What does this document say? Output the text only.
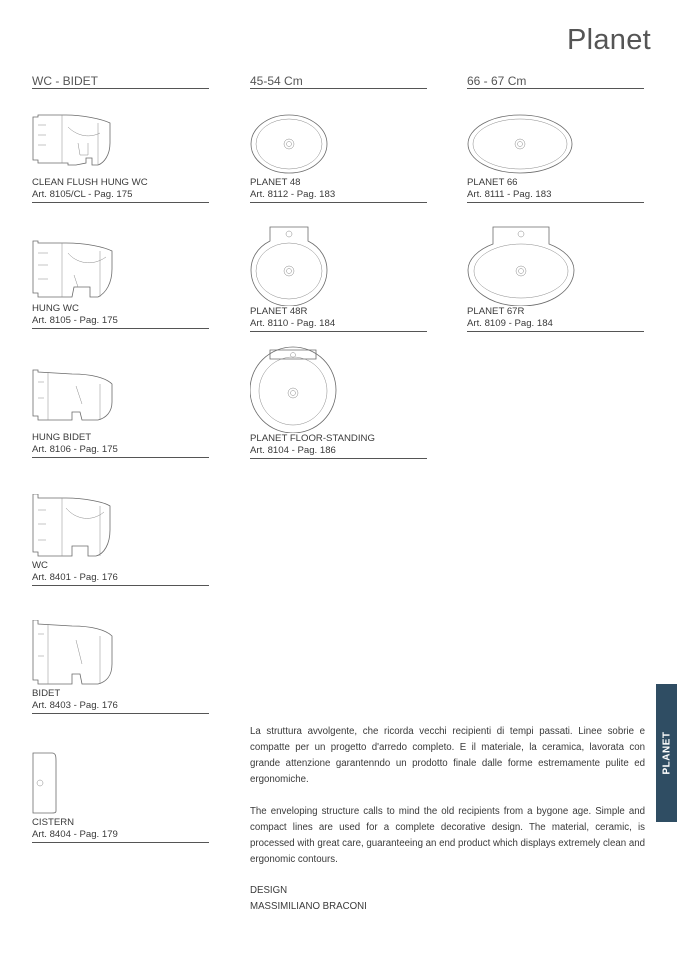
Planet
WC - BIDET	45-54 Cm	66 - 67 Cm
CLEAN FLUSH HUNG WC
Art. 8105/CL - Pag. 175
HUNG WC
Art. 8105 - Pag. 175
HUNG BIDET
Art. 8106 - Pag. 175
WC
Art. 8401 - Pag. 176
BIDET
Art. 8403 - Pag. 176
CISTERN
Art. 8404 - Pag. 179
PLANET 48
Art. 8112 - Pag. 183
PLANET 48R
Art. 8110 - Pag. 184
PLANET FLOOR-STANDING
Art. 8104 - Pag. 186
PLANET 66
Art. 8111 - Pag. 183
PLANET 67R
Art. 8109 - Pag. 184

La struttura avvolgente, che ricorda vecchi recipienti di tempi passati. Linee sobrie e compatte per un progetto d'arredo completo. E il materiale, la ceramica, lavorata con grande attenzione garantenndo un prodotto finale dalle forme estremamente pulite ed ergonomiche.

The enveloping structure calls to mind the old recipients from a bygone age. Simple and compact lines are used for a complete decorative design. The material, ceramic, is processed with great care, guaranteeing an end product which displays extremely clean and ergonomic contours.

DESIGN
MASSIMILIANO BRACONI
PLANET
